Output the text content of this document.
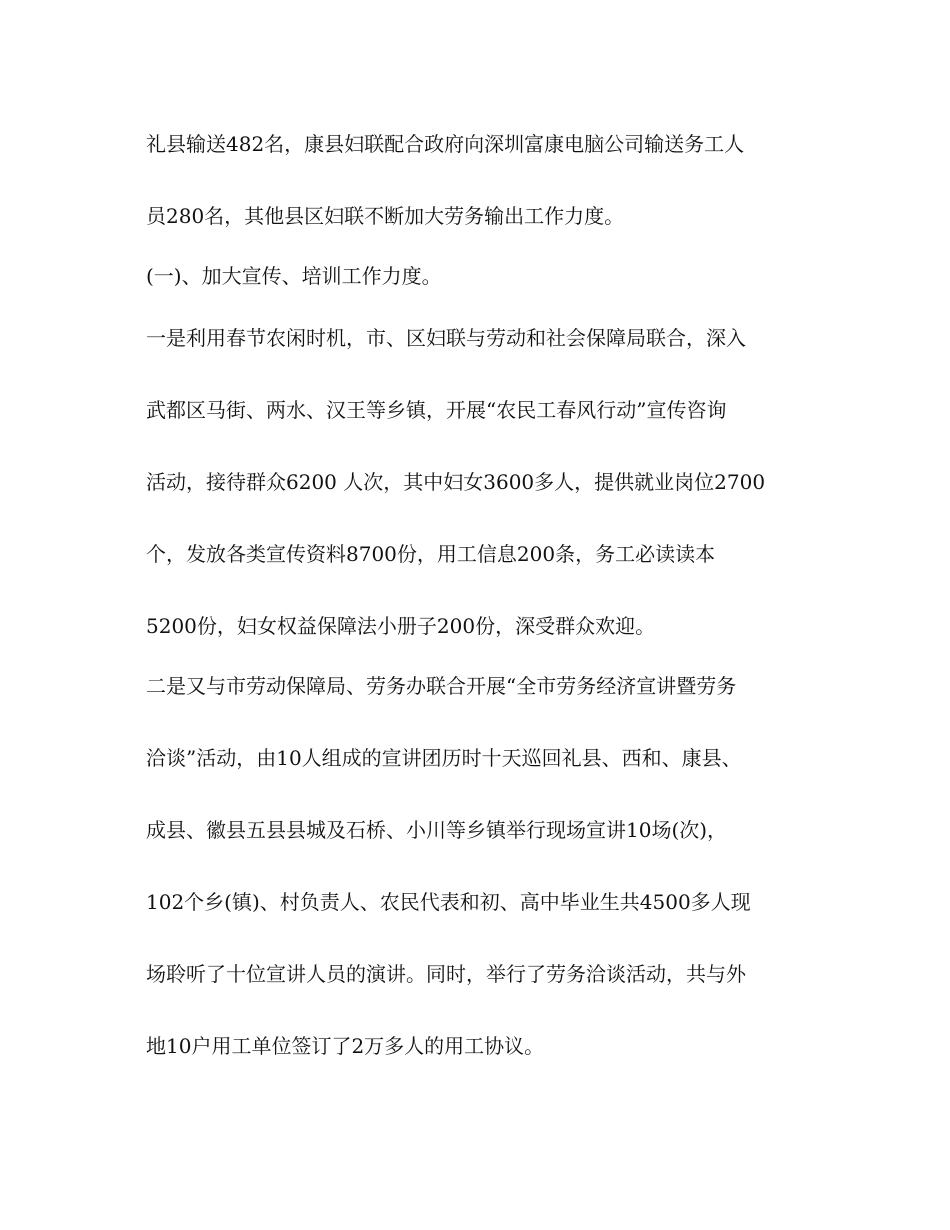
礼县输送482名，康县妇联配合政府向深圳富康电脑公司输送务工人
员280名，其他县区妇联不断加大劳务输出工作力度。
(一)、加大宣传、培训工作力度。
一是利用春节农闲时机，市、区妇联与劳动和社会保障局联合，深入
武都区马街、两水、汉王等乡镇，开展“农民工春风行动”宣传咨询
活动，接待群众6200 人次，其中妇女3600多人，提供就业岗位2700
个，发放各类宣传资料8700份，用工信息200条，务工必读读本
5200份，妇女权益保障法小册子200份，深受群众欢迎。
二是又与市劳动保障局、劳务办联合开展“全市劳务经济宣讲暨劳务
洽谈”活动，由10人组成的宣讲团历时十天巡回礼县、西和、康县、
成县、徽县五县县城及石桥、小川等乡镇举行现场宣讲10场(次)，
102个乡(镇)、村负责人、农民代表和初、高中毕业生共4500多人现
场聆听了十位宣讲人员的演讲。同时，举行了劳务洽谈活动，共与外
地10户用工单位签订了2万多人的用工协议。
